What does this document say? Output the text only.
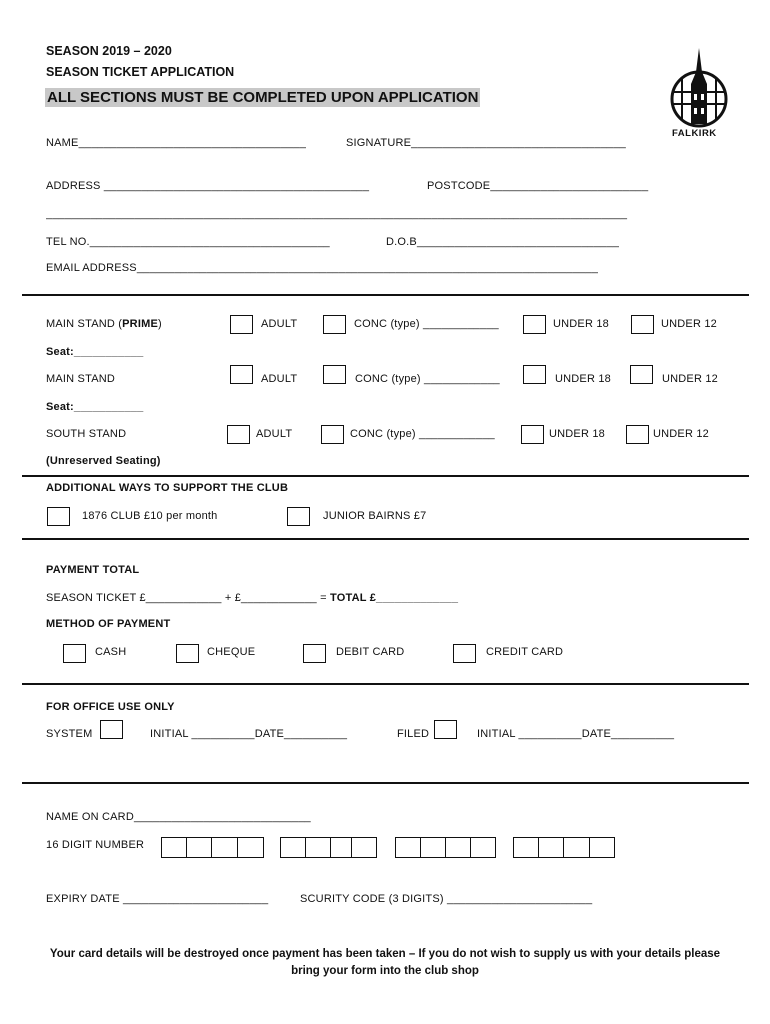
SEASON 2019 – 2020
SEASON TICKET APPLICATION
ALL SECTIONS MUST BE COMPLETED UPON APPLICATION
FALKIRK
NAME____________________________________	SIGNATURE__________________________________
ADDRESS __________________________________________	POSTCODE_________________________
____________________________________________________________________________________________
TEL NO.______________________________________	D.O.B________________________________
EMAIL ADDRESS_________________________________________________________________________
MAIN STAND (PRIME)	ADULT	CONC (type) ____________	UNDER 18	UNDER 12
Seat:___________
MAIN STAND	ADULT	CONC (type) ____________	UNDER 18	UNDER 12
Seat:___________
SOUTH STAND	ADULT	CONC (type) ____________	UNDER 18	UNDER 12
(Unreserved Seating)
ADDITIONAL WAYS TO SUPPORT THE CLUB
1876 CLUB £10 per month	JUNIOR BAIRNS £7
PAYMENT TOTAL
SEASON TICKET £____________ + £____________ = TOTAL £_____________
METHOD OF PAYMENT
CASH	CHEQUE	DEBIT CARD	CREDIT CARD
FOR OFFICE USE ONLY
SYSTEM	INITIAL __________DATE__________	FILED	INITIAL __________DATE__________
NAME ON CARD____________________________
16 DIGIT NUMBER
EXPIRY DATE _______________________	SCURITY CODE (3 DIGITS) _______________________
Your card details will be destroyed once payment has been taken – If you do not wish to supply us with your details please bring your form into the club shop
